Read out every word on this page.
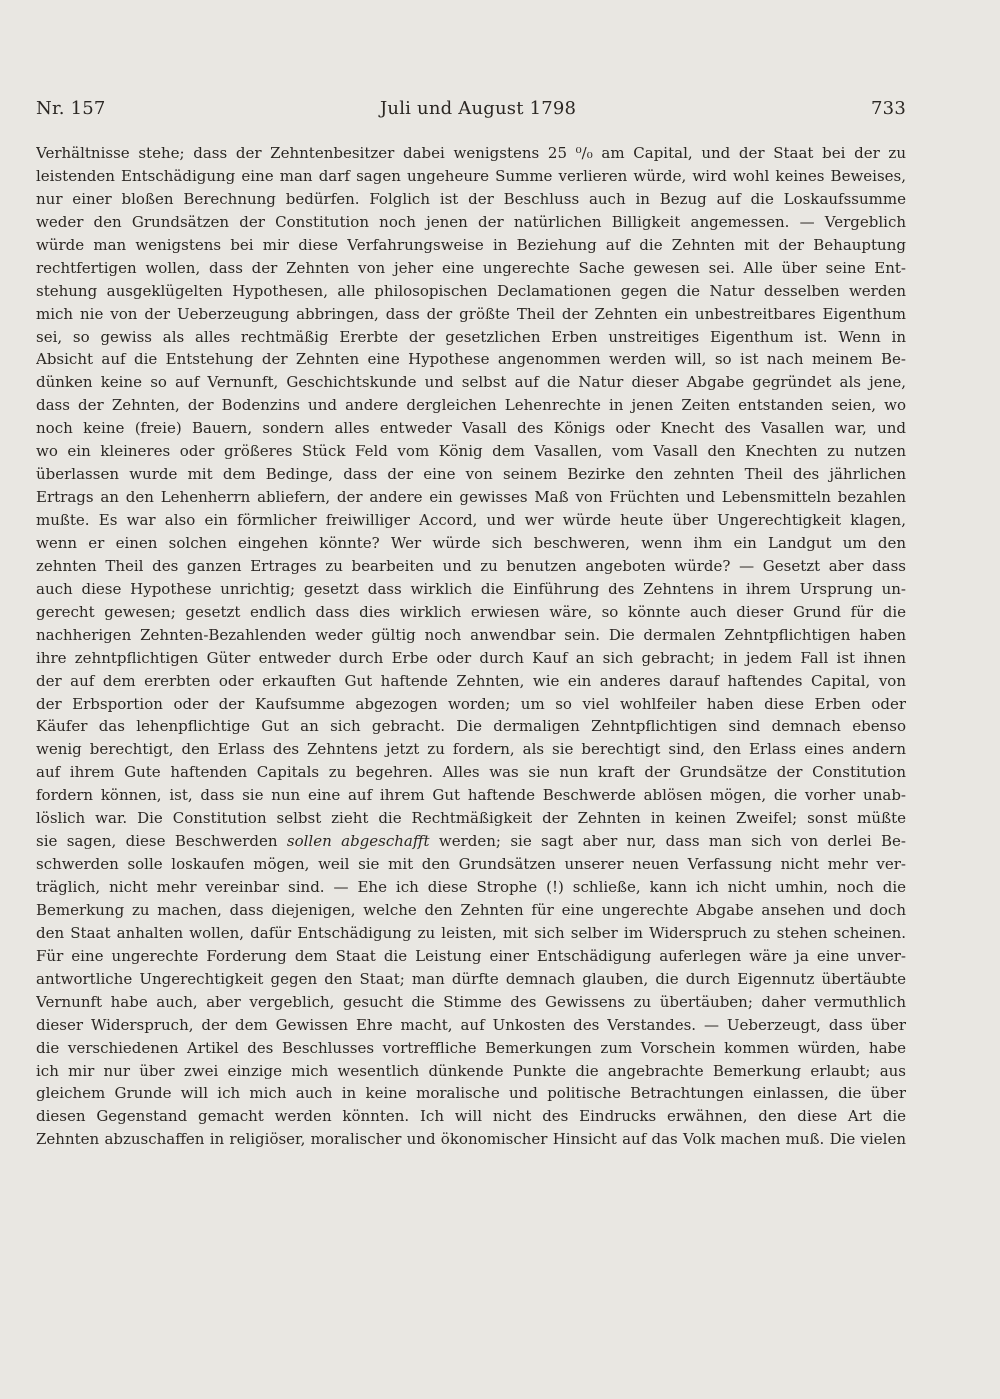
Nr. 157	Juli und August 1798	733
Verhältnisse stehe; dass der Zehntenbesitzer dabei wenigstens 25 ⁰/₀ am Capital, und der Staat bei der zu
leistenden Entschädigung eine man darf sagen ungeheure Summe verlieren würde, wird wohl keines Beweises,
nur einer bloßen Berechnung bedürfen. Folglich ist der Beschluss auch in Bezug auf die Loskaufssumme
weder den Grundsätzen der Constitution noch jenen der natürlichen Billigkeit angemessen. — Vergeblich
würde man wenigstens bei mir diese Verfahrungsweise in Beziehung auf die Zehnten mit der Behauptung
rechtfertigen wollen, dass der Zehnten von jeher eine ungerechte Sache gewesen sei. Alle über seine Ent-
stehung ausgeklügelten Hypothesen, alle philosopischen Declamationen gegen die Natur desselben werden
mich nie von der Ueberzeugung abbringen, dass der größte Theil der Zehnten ein unbestreitbares Eigenthum
sei, so gewiss als alles rechtmäßig Ererbte der gesetzlichen Erben unstreitiges Eigenthum ist. Wenn in
Absicht auf die Entstehung der Zehnten eine Hypothese angenommen werden will, so ist nach meinem Be-
dünken keine so auf Vernunft, Geschichtskunde und selbst auf die Natur dieser Abgabe gegründet als jene,
dass der Zehnten, der Bodenzins und andere dergleichen Lehenrechte in jenen Zeiten entstanden seien, wo
noch keine (freie) Bauern, sondern alles entweder Vasall des Königs oder Knecht des Vasallen war, und
wo ein kleineres oder größeres Stück Feld vom König dem Vasallen, vom Vasall den Knechten zu nutzen
überlassen wurde mit dem Bedinge, dass der eine von seinem Bezirke den zehnten Theil des jährlichen
Ertrags an den Lehenherrn abliefern, der andere ein gewisses Maß von Früchten und Lebensmitteln bezahlen
mußte. Es war also ein förmlicher freiwilliger Accord, und wer würde heute über Ungerechtigkeit klagen,
wenn er einen solchen eingehen könnte? Wer würde sich beschweren, wenn ihm ein Landgut um den
zehnten Theil des ganzen Ertrages zu bearbeiten und zu benutzen angeboten würde? — Gesetzt aber dass
auch diese Hypothese unrichtig; gesetzt dass wirklich die Einführung des Zehntens in ihrem Ursprung un-
gerecht gewesen; gesetzt endlich dass dies wirklich erwiesen wäre, so könnte auch dieser Grund für die
nachherigen Zehnten-Bezahlenden weder gültig noch anwendbar sein. Die dermalen Zehntpflichtigen haben
ihre zehntpflichtigen Güter entweder durch Erbe oder durch Kauf an sich gebracht; in jedem Fall ist ihnen
der auf dem ererbten oder erkauften Gut haftende Zehnten, wie ein anderes darauf haftendes Capital, von
der Erbsportion oder der Kaufsumme abgezogen worden; um so viel wohlfeiler haben diese Erben oder
Käufer das lehenpflichtige Gut an sich gebracht. Die dermaligen Zehntpflichtigen sind demnach ebenso
wenig berechtigt, den Erlass des Zehntens jetzt zu fordern, als sie berechtigt sind, den Erlass eines andern
auf ihrem Gute haftenden Capitals zu begehren. Alles was sie nun kraft der Grundsätze der Constitution
fordern können, ist, dass sie nun eine auf ihrem Gut haftende Beschwerde ablösen mögen, die vorher unab-
löslich war. Die Constitution selbst zieht die Rechtmäßigkeit der Zehnten in keinen Zweifel; sonst müßte
sie sagen, diese Beschwerden sollen abgeschafft werden; sie sagt aber nur, dass man sich von derlei Be-
schwerden solle loskaufen mögen, weil sie mit den Grundsätzen unserer neuen Verfassung nicht mehr ver-
träglich, nicht mehr vereinbar sind. — Ehe ich diese Strophe (!) schließe, kann ich nicht umhin, noch die
Bemerkung zu machen, dass diejenigen, welche den Zehnten für eine ungerechte Abgabe ansehen und doch
den Staat anhalten wollen, dafür Entschädigung zu leisten, mit sich selber im Widerspruch zu stehen scheinen.
Für eine ungerechte Forderung dem Staat die Leistung einer Entschädigung auferlegen wäre ja eine unver-
antwortliche Ungerechtigkeit gegen den Staat; man dürfte demnach glauben, die durch Eigennutz übertäubte
Vernunft habe auch, aber vergeblich, gesucht die Stimme des Gewissens zu übertäuben; daher vermuthlich
dieser Widerspruch, der dem Gewissen Ehre macht, auf Unkosten des Verstandes. — Ueberzeugt, dass über
die verschiedenen Artikel des Beschlusses vortreffliche Bemerkungen zum Vorschein kommen würden, habe
ich mir nur über zwei einzige mich wesentlich dünkende Punkte die angebrachte Bemerkung erlaubt; aus
gleichem Grunde will ich mich auch in keine moralische und politische Betrachtungen einlassen, die über
diesen Gegenstand gemacht werden könnten. Ich will nicht des Eindrucks erwähnen, den diese Art die
Zehnten abzuschaffen in religiöser, moralischer und ökonomischer Hinsicht auf das Volk machen muß. Die vielen
